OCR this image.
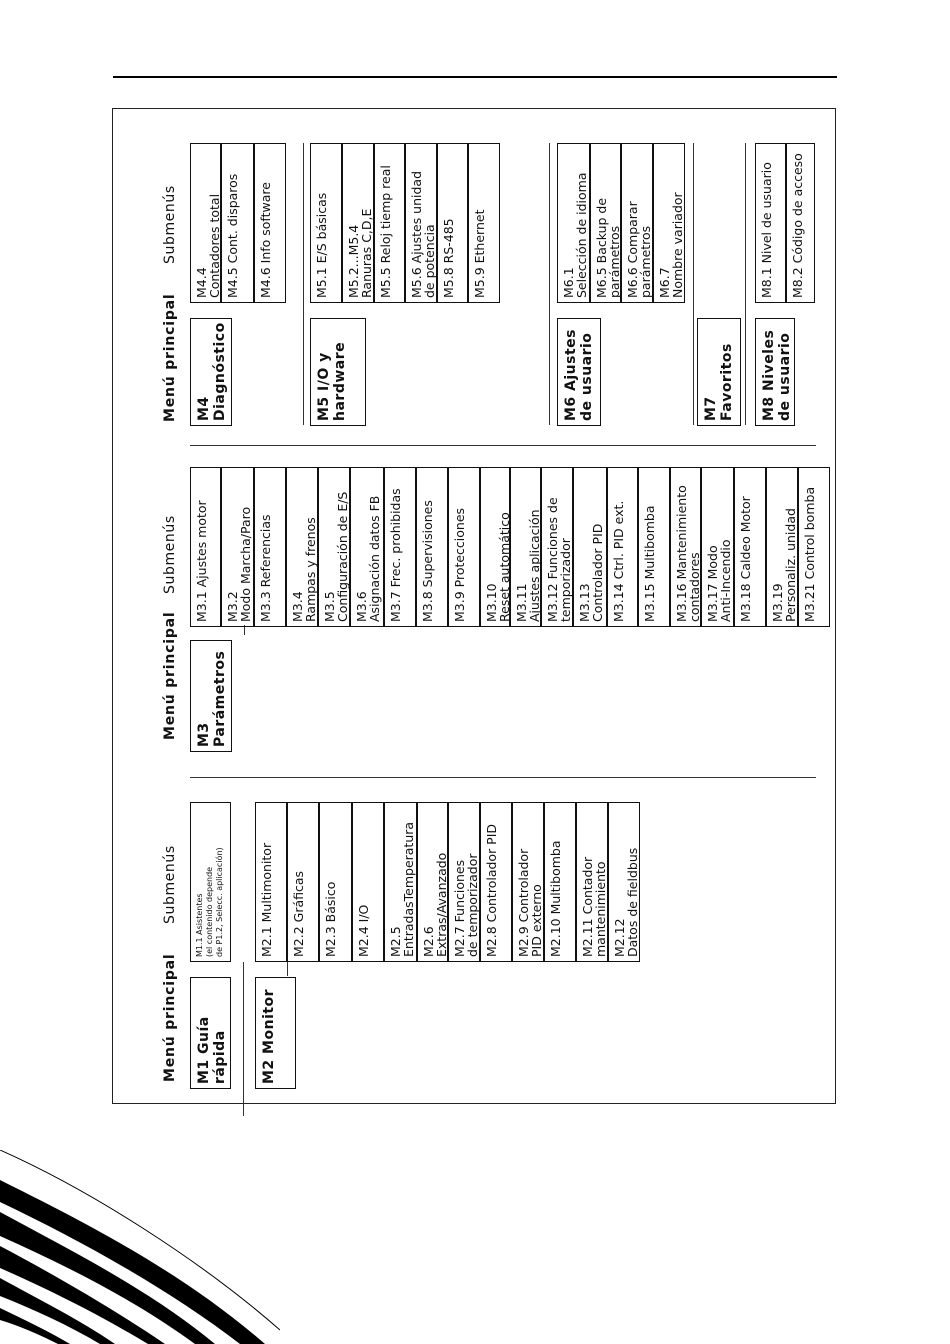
Menú principal
Submenús
Menú principal
Submenús
Menú principal
Submenús
M1 Guía
rápida
M1.1 Asistentes
(el contenido depende
de P1.2, Selecc. aplicación)
M2 Monitor
M2.1 Multimonitor M2.2 Gráficas M2.3 Básico M2.4 I/O M2.5
EntradasTemperatura M2.6
Extras/Avanzado M2.7 Funciones
de temporizador M2.8 Controlador PID M2.9 Controlador
PID externo M2.10 Multibomba M2.11 Contador
mantenimiento M2.12
Datos de fieldbus
M3
Parámetros
M3.1 Ajustes motor M3.2
Modo Marcha/Paro M3.3 Referencias M3.4
Rampas y frenos
M3.5
Configuración de E/S
M3.6
Asignación datos FB M3.7 Frec. prohibidas M3.8 Supervisiones M3.9 Protecciones M3.10
Reset automático
M3.11
Ajustes aplicación
M3.12 Funciones de
temporizador M3.13
Controlador PID M3.14 Ctrl. PID ext. M3.15 Multibomba M3.16 Mantenimiento
contadores M3.17 Modo
Anti-Incendio M3.18 Caldeo Motor M3.19
Personaliz. unidad M3.21 Control bomba
M4
Diagnóstico
M4.4
Contadores total M4.5 Cont. disparos M4.6 Info software
M5 I/O y
hardware
M5.1 E/S básicas M5.2...M5.4
Ranuras C,D,E M5.5 Reloj tiemp real M5.6 Ajustes unidad
de potencia M5.8 RS-485 M5.9 Ethernet
M6 Ajustes
de usuario
M6.1
Selección de idioma
M6.5 Backup de
parámetros M6.6 Comparar
parámetros M6.7
Nombre variador
M7
Favoritos M8 Niveles
de usuario
M8.1 Nivel de usuario M8.2 Código de acceso
